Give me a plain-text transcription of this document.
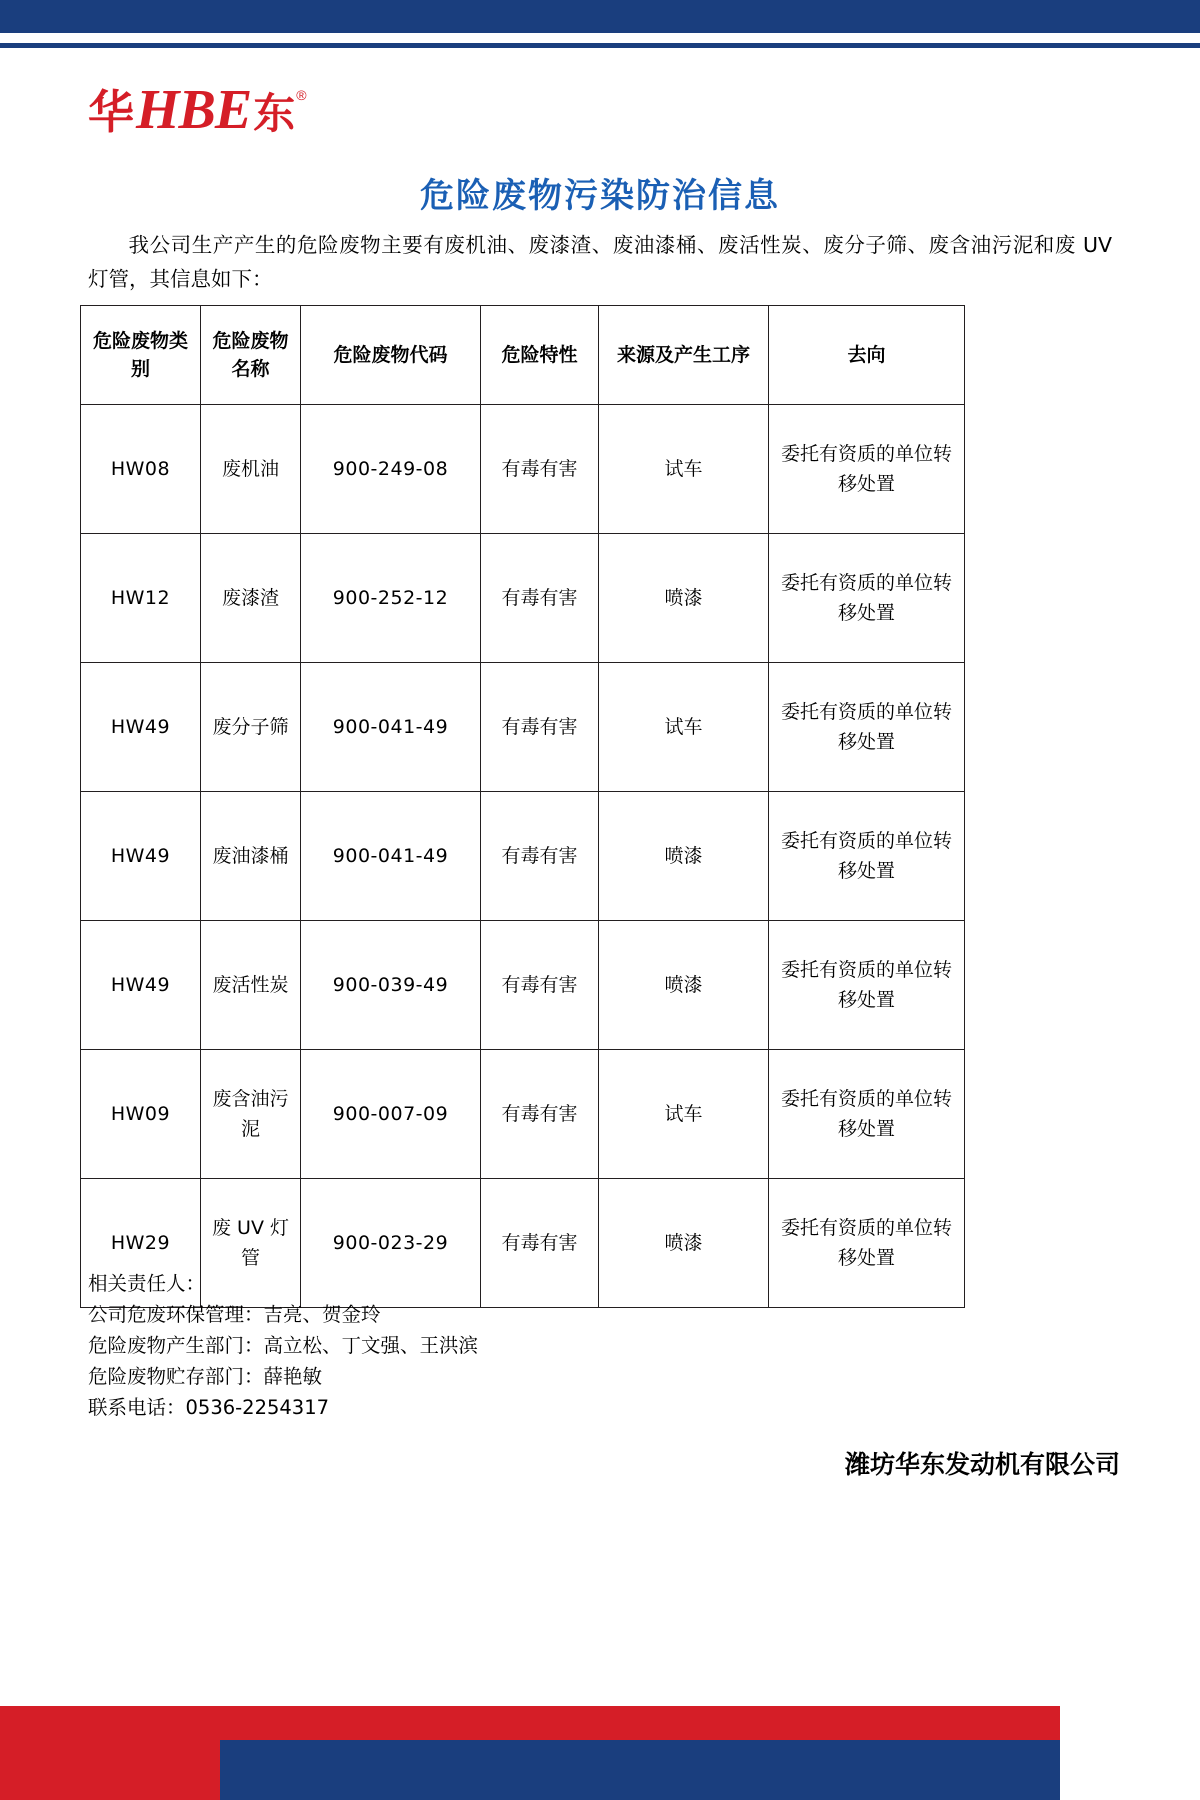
华 HBE 东 ®
危险废物污染防治信息
我公司生产产生的危险废物主要有废机油、废漆渣、废油漆桶、废活性炭、废分子筛、废含油污泥和废 UV 灯管，其信息如下：
危险废物类别	危险废物名称	危险废物代码	危险特性	来源及产生工序	去向
HW08	废机油	900-249-08	有毒有害	试车	委托有资质的单位转移处置
HW12	废漆渣	900-252-12	有毒有害	喷漆	委托有资质的单位转移处置
HW49	废分子筛	900-041-49	有毒有害	试车	委托有资质的单位转移处置
HW49	废油漆桶	900-041-49	有毒有害	喷漆	委托有资质的单位转移处置
HW49	废活性炭	900-039-49	有毒有害	喷漆	委托有资质的单位转移处置
HW09	废含油污泥	900-007-09	有毒有害	试车	委托有资质的单位转移处置
HW29	废 UV 灯管	900-023-29	有毒有害	喷漆	委托有资质的单位转移处置
相关责任人：
公司危废环保管理：吉亮、贺金玲
危险废物产生部门：高立松、丁文强、王洪滨
危险废物贮存部门：薛艳敏
联系电话：0536-2254317
潍坊华东发动机有限公司
